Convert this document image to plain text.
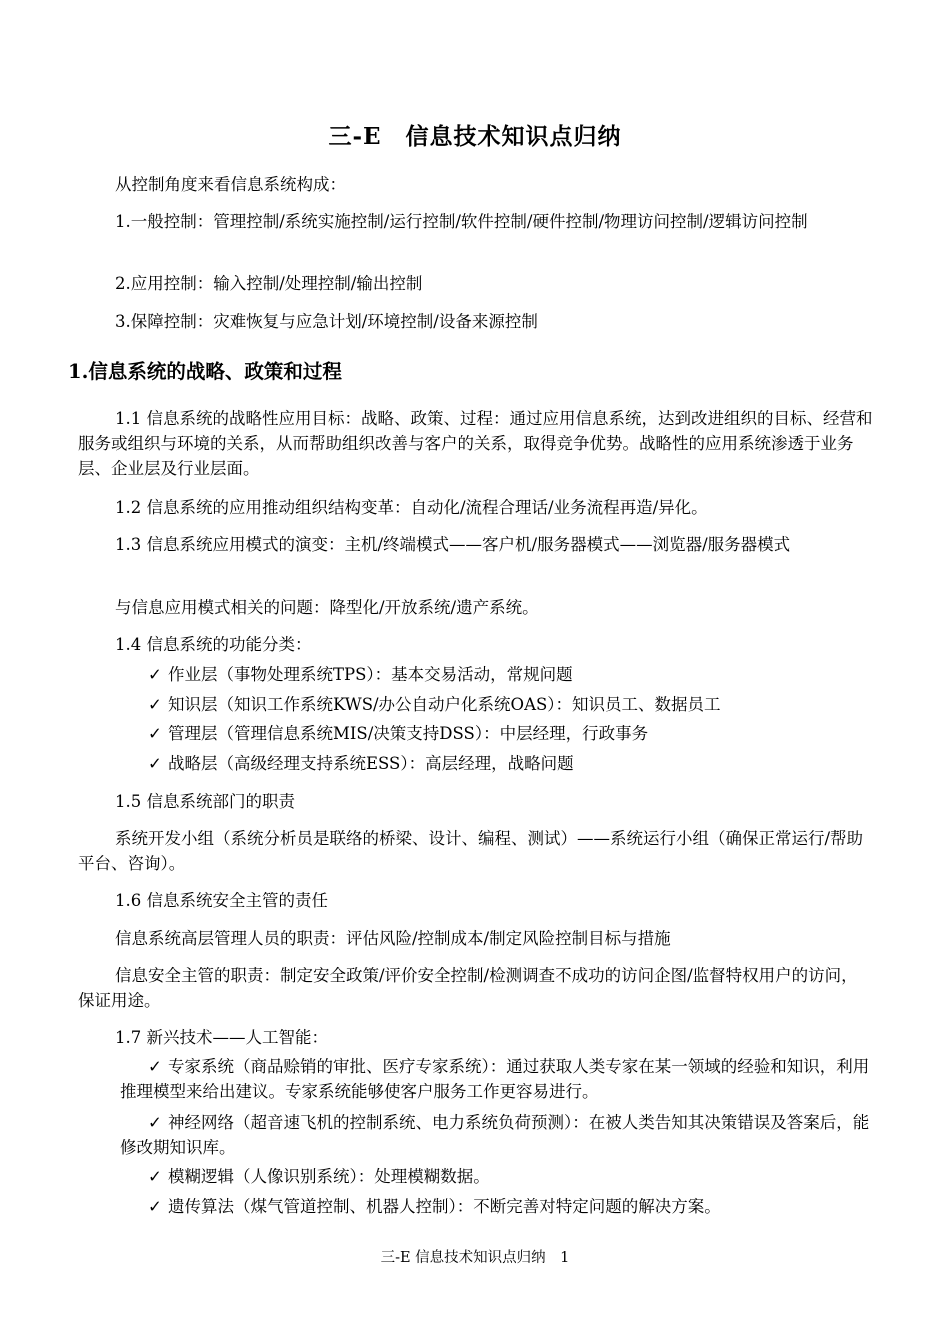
三-E　信息技术知识点归纳

从控制角度来看信息系统构成：

1.一般控制：管理控制/系统实施控制/运行控制/软件控制/硬件控制/物理访问控制/逻辑访问控制

2.应用控制：输入控制/处理控制/输出控制

3.保障控制：灾难恢复与应急计划/环境控制/设备来源控制

1.信息系统的战略、政策和过程

1.1 信息系统的战略性应用目标：战略、政策、过程：通过应用信息系统，达到改进组织的目标、经营和服务或组织与环境的关系，从而帮助组织改善与客户的关系，取得竞争优势。战略性的应用系统渗透于业务层、企业层及行业层面。

1.2 信息系统的应用推动组织结构变革：自动化/流程合理话/业务流程再造/异化。

1.3 信息系统应用模式的演变：主机/终端模式——客户机/服务器模式——浏览器/服务器模式

与信息应用模式相关的问题：降型化/开放系统/遗产系统。

1.4 信息系统的功能分类：

✓ 作业层（事物处理系统TPS）：基本交易活动，常规问题

✓ 知识层（知识工作系统KWS/办公自动户化系统OAS）：知识员工、数据员工

✓ 管理层（管理信息系统MIS/决策支持DSS）：中层经理，行政事务

✓ 战略层（高级经理支持系统ESS）：高层经理，战略问题

1.5 信息系统部门的职责

系统开发小组（系统分析员是联络的桥梁、设计、编程、测试）——系统运行小组（确保正常运行/帮助平台、咨询）。

1.6 信息系统安全主管的责任

信息系统高层管理人员的职责：评估风险/控制成本/制定风险控制目标与措施

信息安全主管的职责：制定安全政策/评价安全控制/检测调查不成功的访问企图/监督特权用户的访问，保证用途。

1.7 新兴技术——人工智能：

✓ 专家系统（商品赊销的审批、医疗专家系统）：通过获取人类专家在某一领域的经验和知识，利用推理模型来给出建议。专家系统能够使客户服务工作更容易进行。

✓ 神经网络（超音速飞机的控制系统、电力系统负荷预测）：在被人类告知其决策错误及答案后，能修改期知识库。

✓ 模糊逻辑（人像识别系统）：处理模糊数据。

✓ 遗传算法（煤气管道控制、机器人控制）：不断完善对特定问题的解决方案。

三-E 信息技术知识点归纳　1
